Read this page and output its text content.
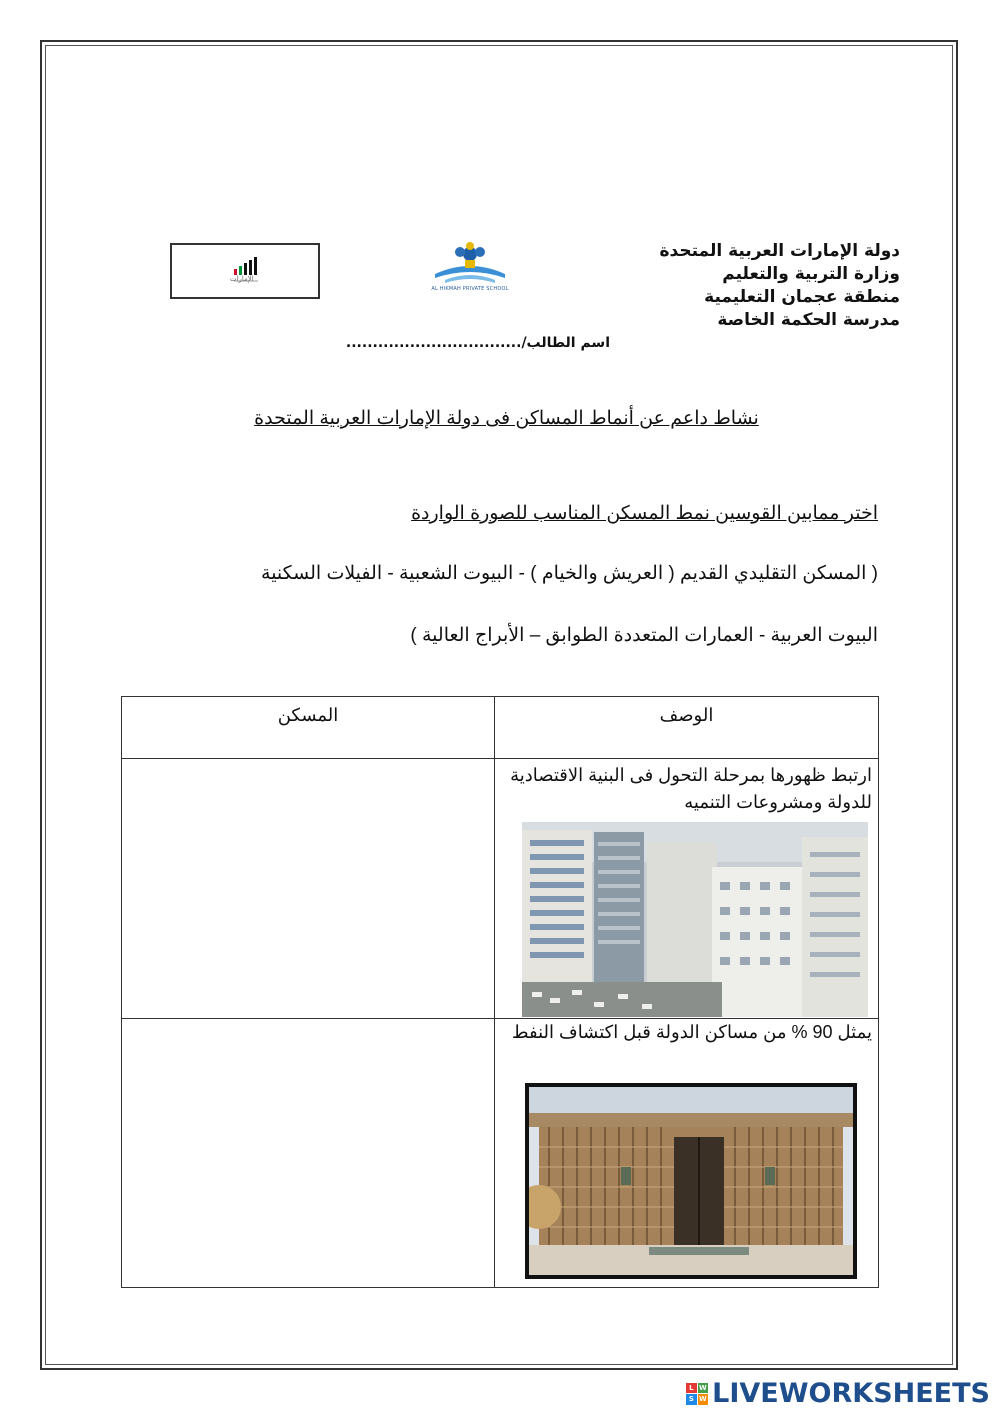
الإمارات
AL HIKMAH PRIVATE SCHOOL
دولة الإمارات العربية المتحدة
وزارة التربية والتعليم
منطقة عجمان التعليمية
مدرسة الحكمة الخاصة
اسم الطالب/.................................
نشاط داعم عن أنماط المساكن فى دولة الإمارات العربية المتحدة
اختر ممابين القوسين نمط المسكن المناسب للصورة الواردة
( المسكن التقليدي القديم ( العريش والخيام ) - البيوت الشعبية - الفيلات السكنية
البيوت العربية - العمارات المتعددة الطوابق – الأبراج العالية )
الوصف
المسكن
ارتبط ظهورها بمرحلة التحول فى البنية الاقتصادية للدولة ومشروعات التنميه
يمثل 90 % من مساكن الدولة قبل اكتشاف النفط
L W
S W LIVEWORKSHEETS
